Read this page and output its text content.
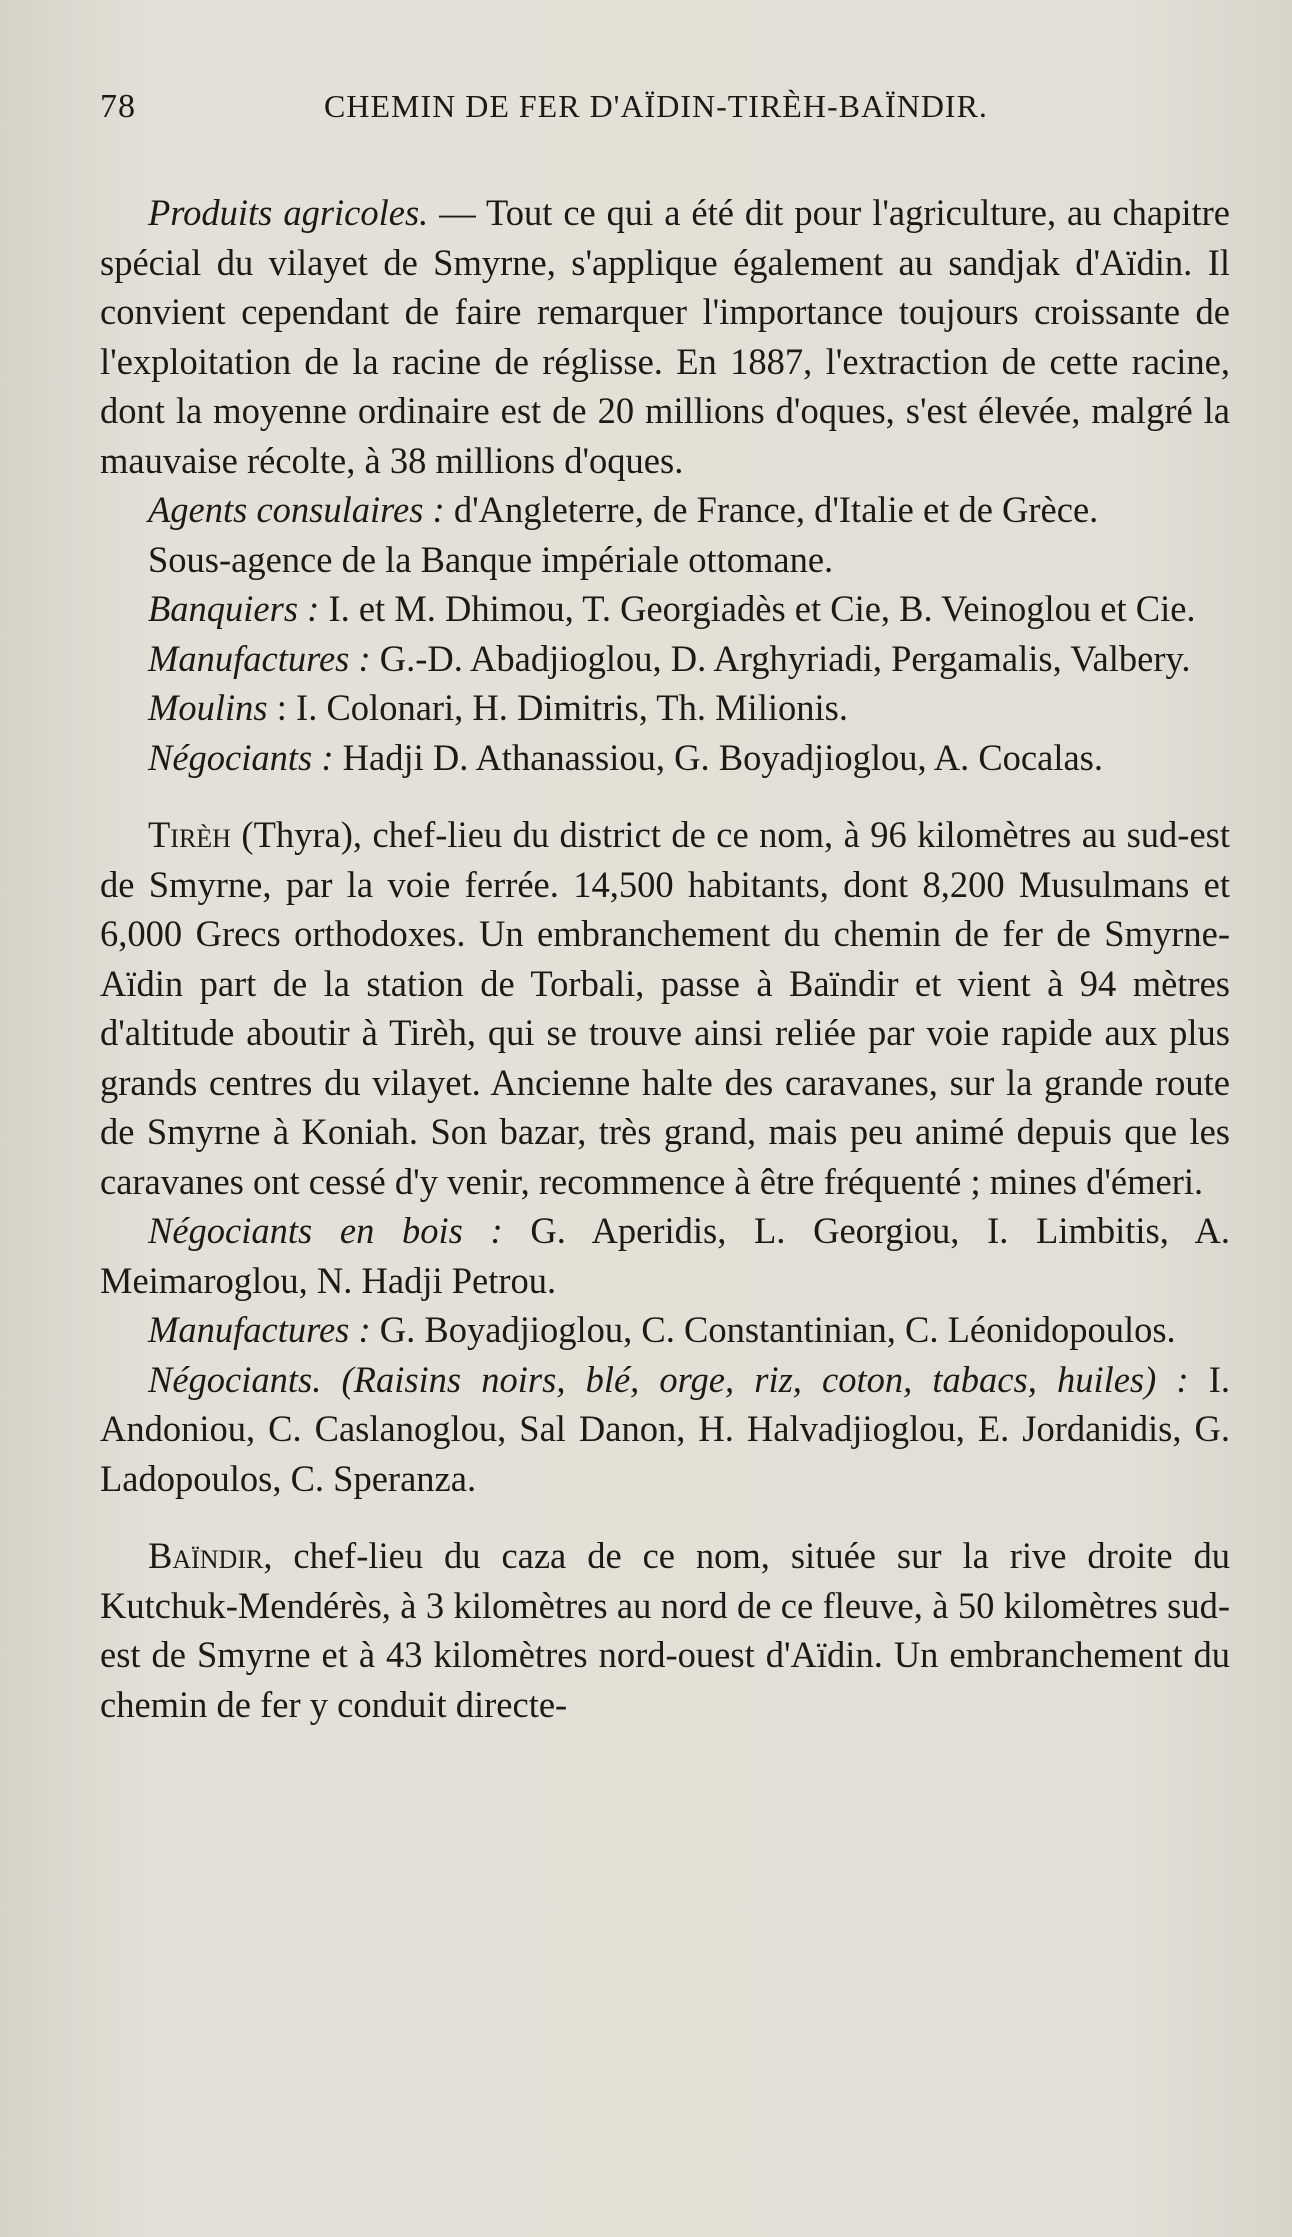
78	CHEMIN DE FER D'AÏDIN-TIRÈH-BAÏNDIR.

Produits agricoles. — Tout ce qui a été dit pour l'agriculture, au chapitre spécial du vilayet de Smyrne, s'applique également au sandjak d'Aïdin. Il convient cependant de faire remarquer l'importance toujours croissante de l'exploitation de la racine de réglisse. En 1887, l'extraction de cette racine, dont la moyenne ordinaire est de 20 millions d'oques, s'est élevée, malgré la mauvaise récolte, à 38 millions d'oques.

Agents consulaires : d'Angleterre, de France, d'Italie et de Grèce.

Sous-agence de la Banque impériale ottomane.

Banquiers : I. et M. Dhimou, T. Georgiadès et Cie, B. Veinoglou et Cie.

Manufactures : G.-D. Abadjioglou, D. Arghyriadi, Pergamalis, Valbery.

Moulins : I. Colonari, H. Dimitris, Th. Milionis.

Négociants : Hadji D. Athanassiou, G. Boyadjioglou, A. Cocalas.

Tirèh (Thyra), chef-lieu du district de ce nom, à 96 kilomètres au sud-est de Smyrne, par la voie ferrée. 14,500 habitants, dont 8,200 Musulmans et 6,000 Grecs orthodoxes. Un embranchement du chemin de fer de Smyrne-Aïdin part de la station de Torbali, passe à Baïndir et vient à 94 mètres d'altitude aboutir à Tirèh, qui se trouve ainsi reliée par voie rapide aux plus grands centres du vilayet. Ancienne halte des caravanes, sur la grande route de Smyrne à Koniah. Son bazar, très grand, mais peu animé depuis que les caravanes ont cessé d'y venir, recommence à être fréquenté ; mines d'émeri.

Négociants en bois : G. Aperidis, L. Georgiou, I. Limbitis, A. Meimaroglou, N. Hadji Petrou.

Manufactures : G. Boyadjioglou, C. Constantinian, C. Léonidopoulos.

Négociants. (Raisins noirs, blé, orge, riz, coton, tabacs, huiles) : I. Andoniou, C. Caslanoglou, Sal Danon, H. Halvadjioglou, E. Jordanidis, G. Ladopoulos, C. Speranza.

Baïndir, chef-lieu du caza de ce nom, située sur la rive droite du Kutchuk-Mendérès, à 3 kilomètres au nord de ce fleuve, à 50 kilomètres sud-est de Smyrne et à 43 kilomètres nord-ouest d'Aïdin. Un embranchement du chemin de fer y conduit directe-
